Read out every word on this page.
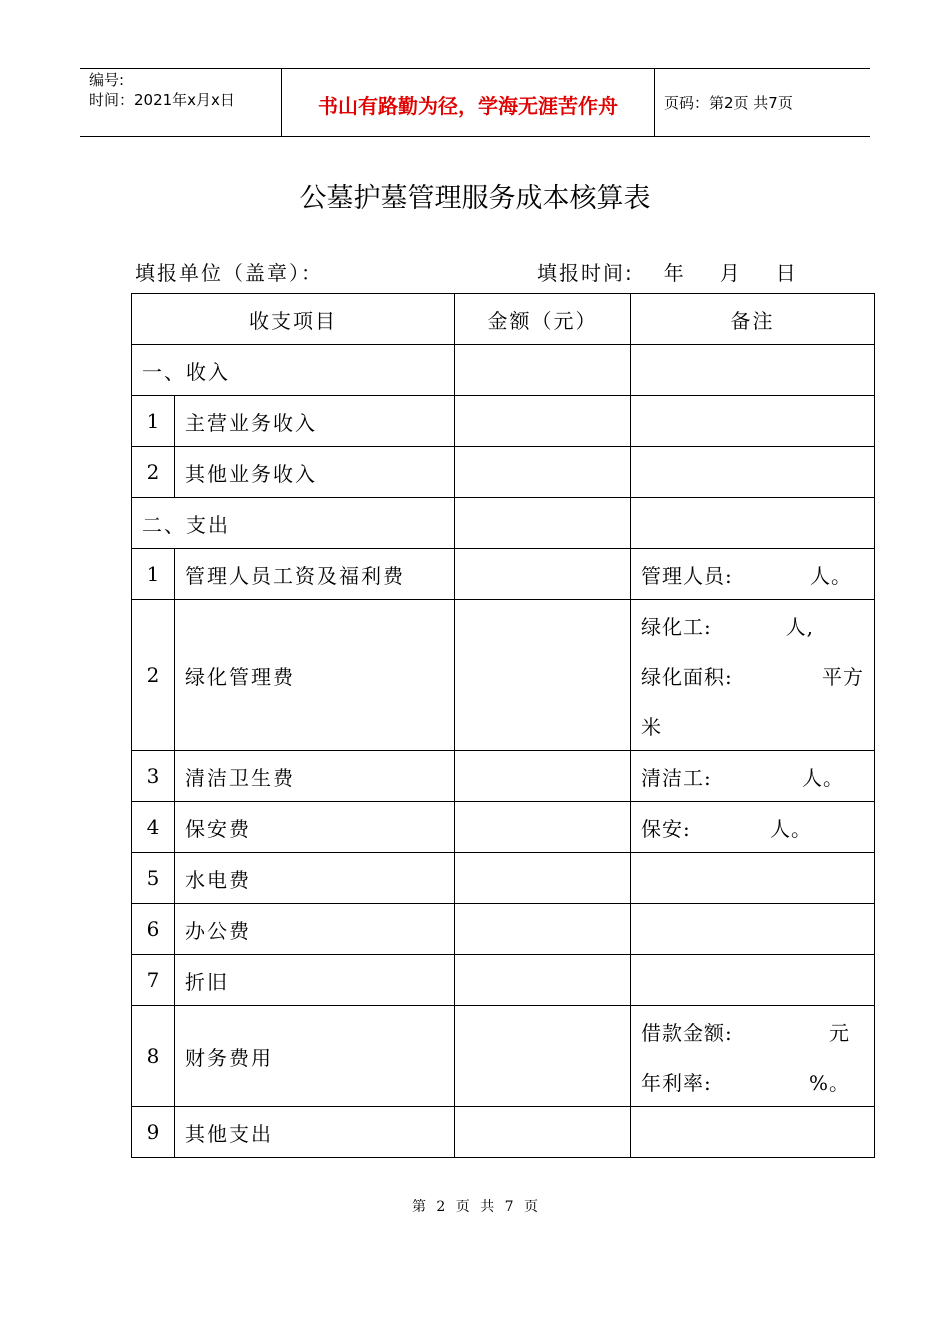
编号:
时间：2021年x月x日	书山有路勤为径，学海无涯苦作舟	页码：第2页 共7页
公墓护墓管理服务成本核算表
填报单位（盖章）：	填报时间: 年 月 日
收支项目		金额（元）	备注
一、收入			
1	主营业务收入		
2	其他业务收入		
二、支出			
1	管理人员工资及福利费		管理人员: 人。

2	绿化管理费		绿化工: 人,
绿化面积: 平方
米

3	清洁卫生费		清洁工: 人。

4	保安费		保安: 人。

5	水电费		
6	办公费		
7	折旧		
8	财务费用		借款金额: 元
年利率: %。

9	其他支出		
第 2 页 共 7 页
